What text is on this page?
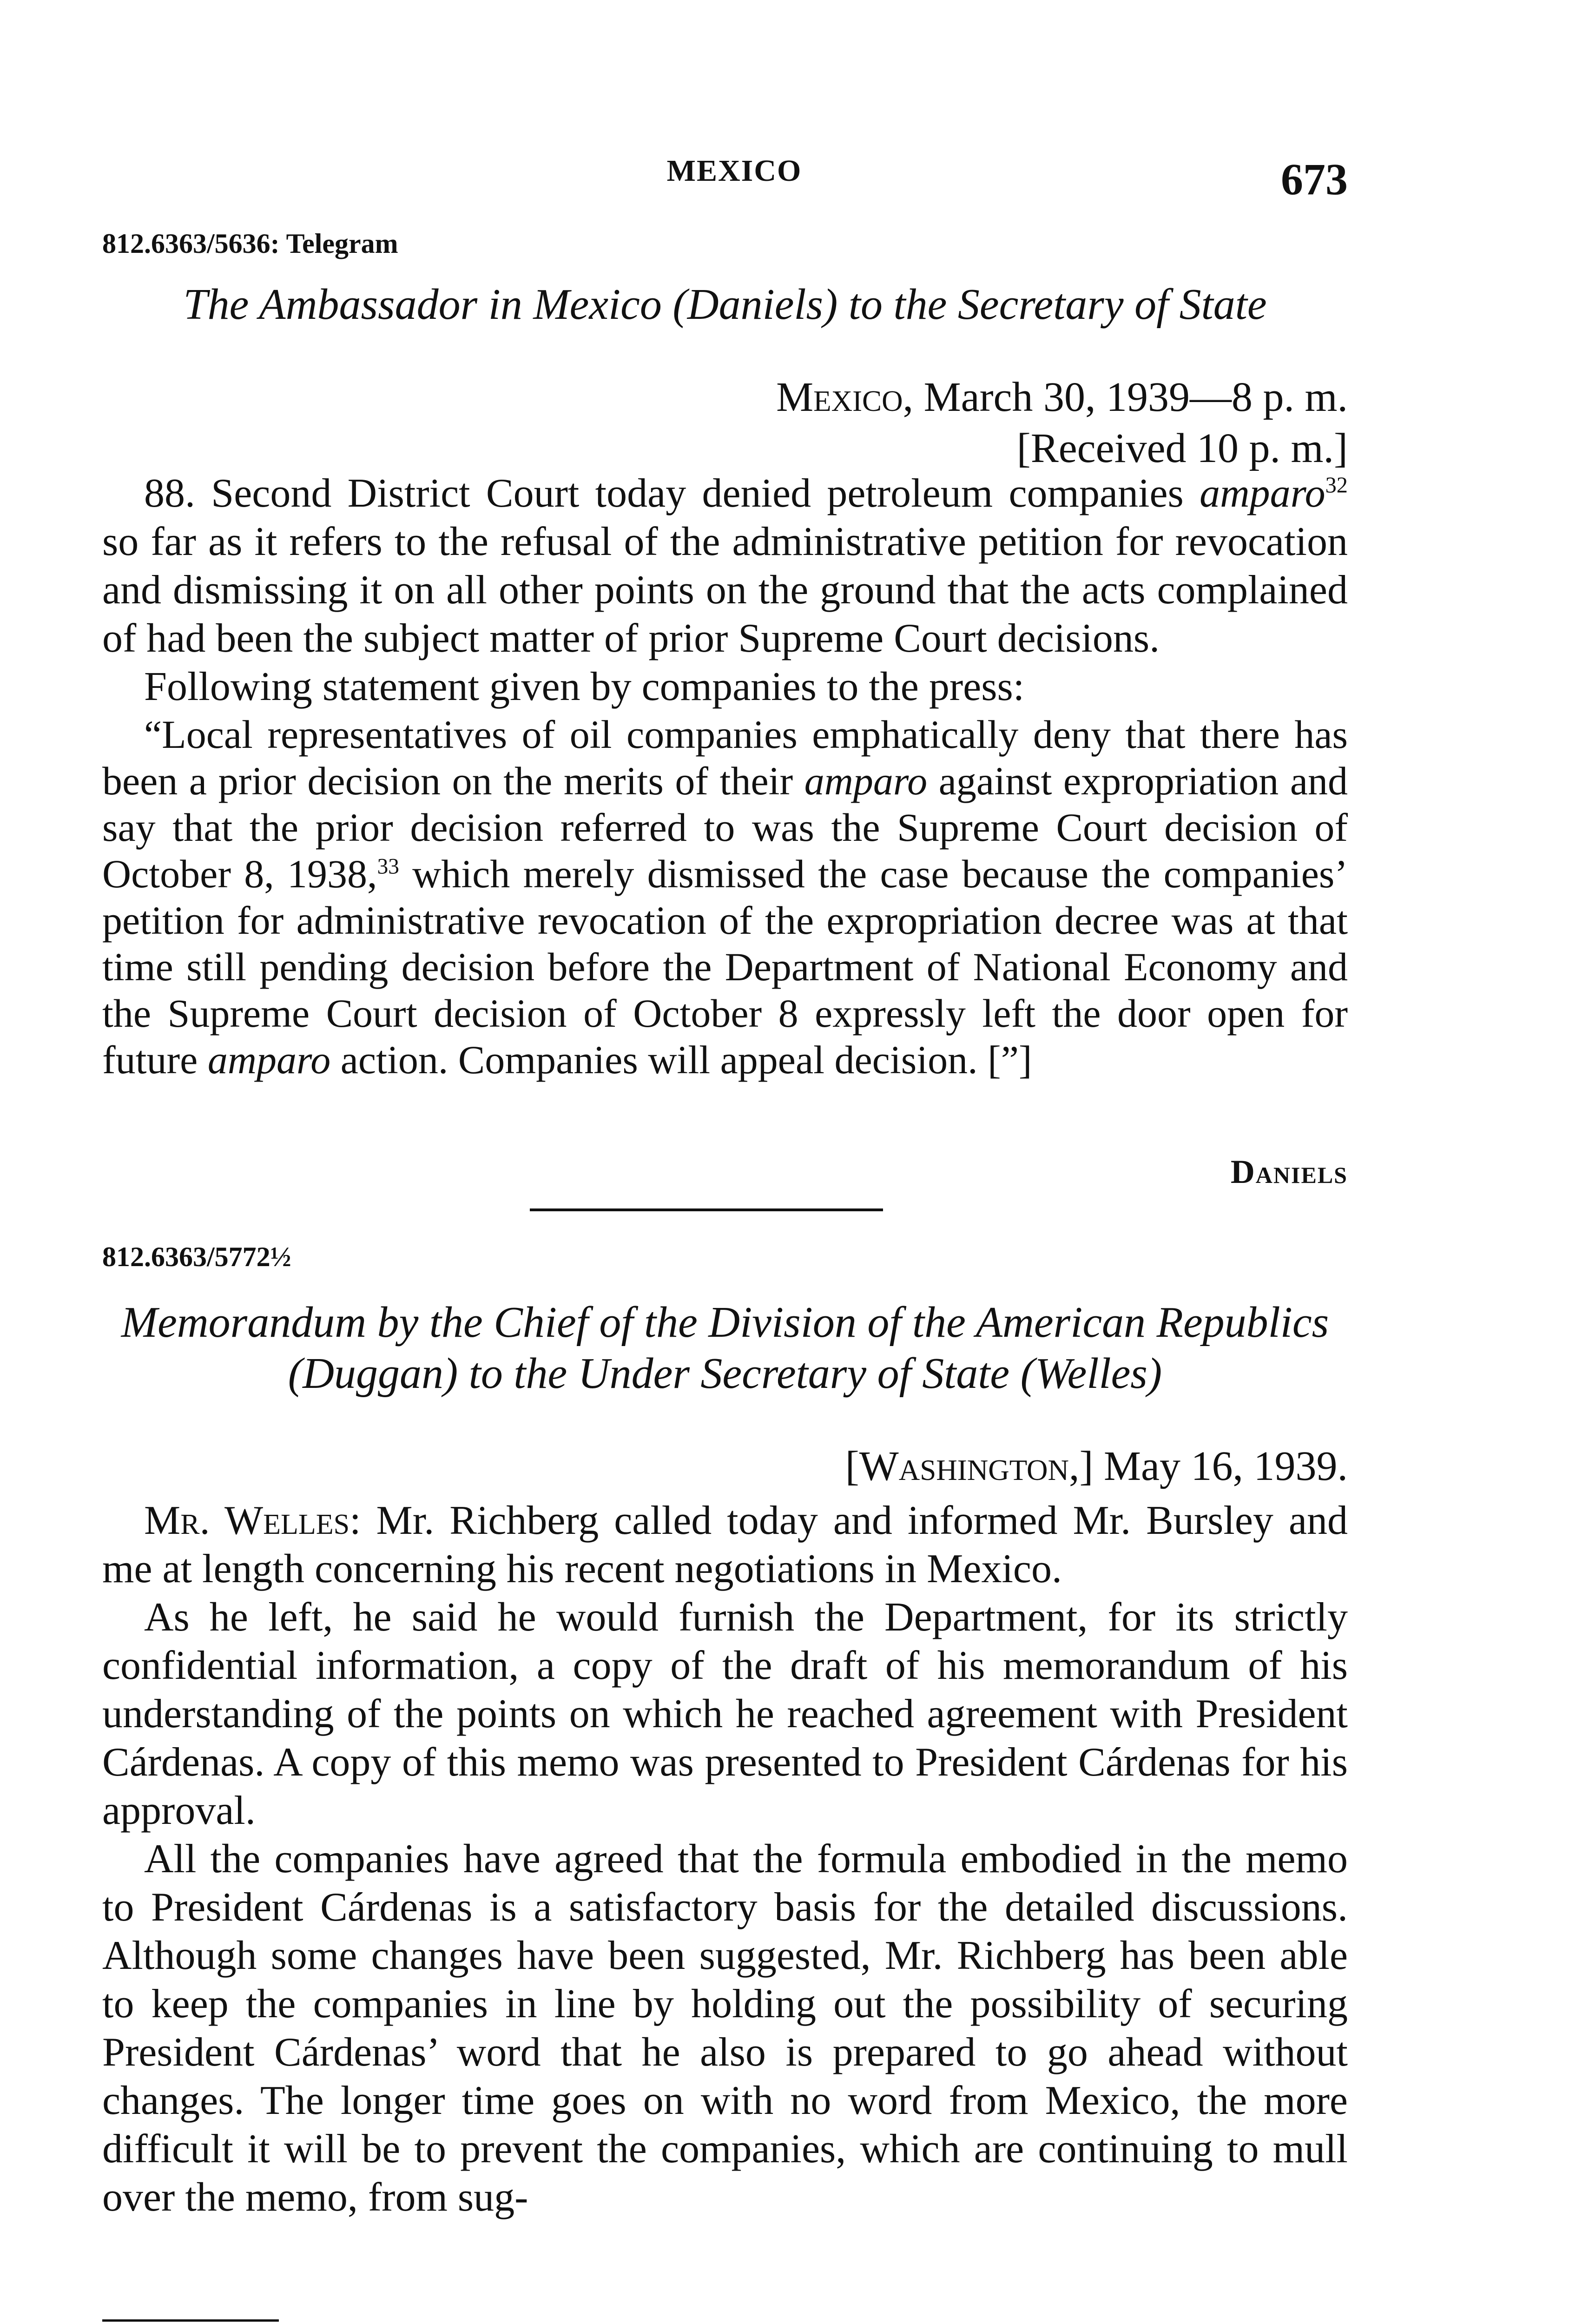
MEXICO	673
812.6363/5636: Telegram
The Ambassador in Mexico (Daniels) to the Secretary of State
Mexico, March 30, 1939—8 p. m.
[Received 10 p. m.]

88. Second District Court today denied petroleum companies amparo$^{32}$ so far as it refers to the refusal of the administrative petition for revocation and dismissing it on all other points on the ground that the acts complained of had been the subject matter of prior Supreme Court decisions.

Following statement given by companies to the press:

“Local representatives of oil companies emphatically deny that there has been a prior decision on the merits of their amparo against expropriation and say that the prior decision referred to was the Supreme Court decision of October 8, 1938,33 which merely dismissed the case because the companies’ petition for administrative revocation of the expropriation decree was at that time still pending decision before the Department of National Economy and the Supreme Court decision of October 8 expressly left the door open for future amparo action. Companies will appeal decision. [”]

Daniels
812.6363/5772½
Memorandum by the Chief of the Division of the American Republics
(Duggan) to the Under Secretary of State (Welles)
[Washington,] May 16, 1939.

Mr. Welles: Mr. Richberg called today and informed Mr. Bursley and me at length concerning his recent negotiations in Mexico.

As he left, he said he would furnish the Department, for its strictly confidential information, a copy of the draft of his memorandum of his understanding of the points on which he reached agreement with President Cárdenas. A copy of this memo was presented to President Cárdenas for his approval.

All the companies have agreed that the formula embodied in the memo to President Cárdenas is a satisfactory basis for the detailed discussions. Although some changes have been suggested, Mr. Richberg has been able to keep the companies in line by holding out the possibility of securing President Cárdenas’ word that he also is prepared to go ahead without changes. The longer time goes on with no word from Mexico, the more difficult it will be to prevent the companies, which are continuing to mull over the memo, from sug-
